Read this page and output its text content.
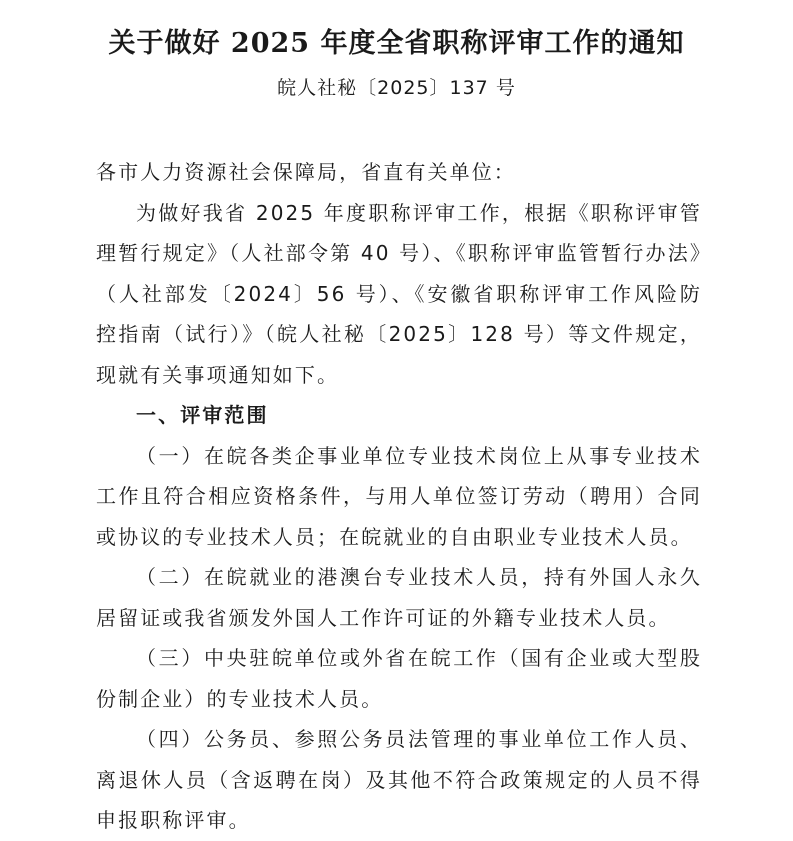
关于做好 2025 年度全省职称评审工作的通知
皖人社秘〔2025〕137 号

各市人力资源社会保障局，省直有关单位：

为做好我省 2025 年度职称评审工作，根据《职称评审管理暂行规定》（人社部令第 40 号）、《职称评审监管暂行办法》（人社部发〔2024〕56 号）、《安徽省职称评审工作风险防控指南（试行）》（皖人社秘〔2025〕128 号）等文件规定，现就有关事项通知如下。

一、评审范围

（一）在皖各类企事业单位专业技术岗位上从事专业技术工作且符合相应资格条件，与用人单位签订劳动（聘用）合同或协议的专业技术人员；在皖就业的自由职业专业技术人员。

（二）在皖就业的港澳台专业技术人员，持有外国人永久居留证或我省颁发外国人工作许可证的外籍专业技术人员。

（三）中央驻皖单位或外省在皖工作（国有企业或大型股份制企业）的专业技术人员。

（四）公务员、参照公务员法管理的事业单位工作人员、离退休人员（含返聘在岗）及其他不符合政策规定的人员不得申报职称评审。
